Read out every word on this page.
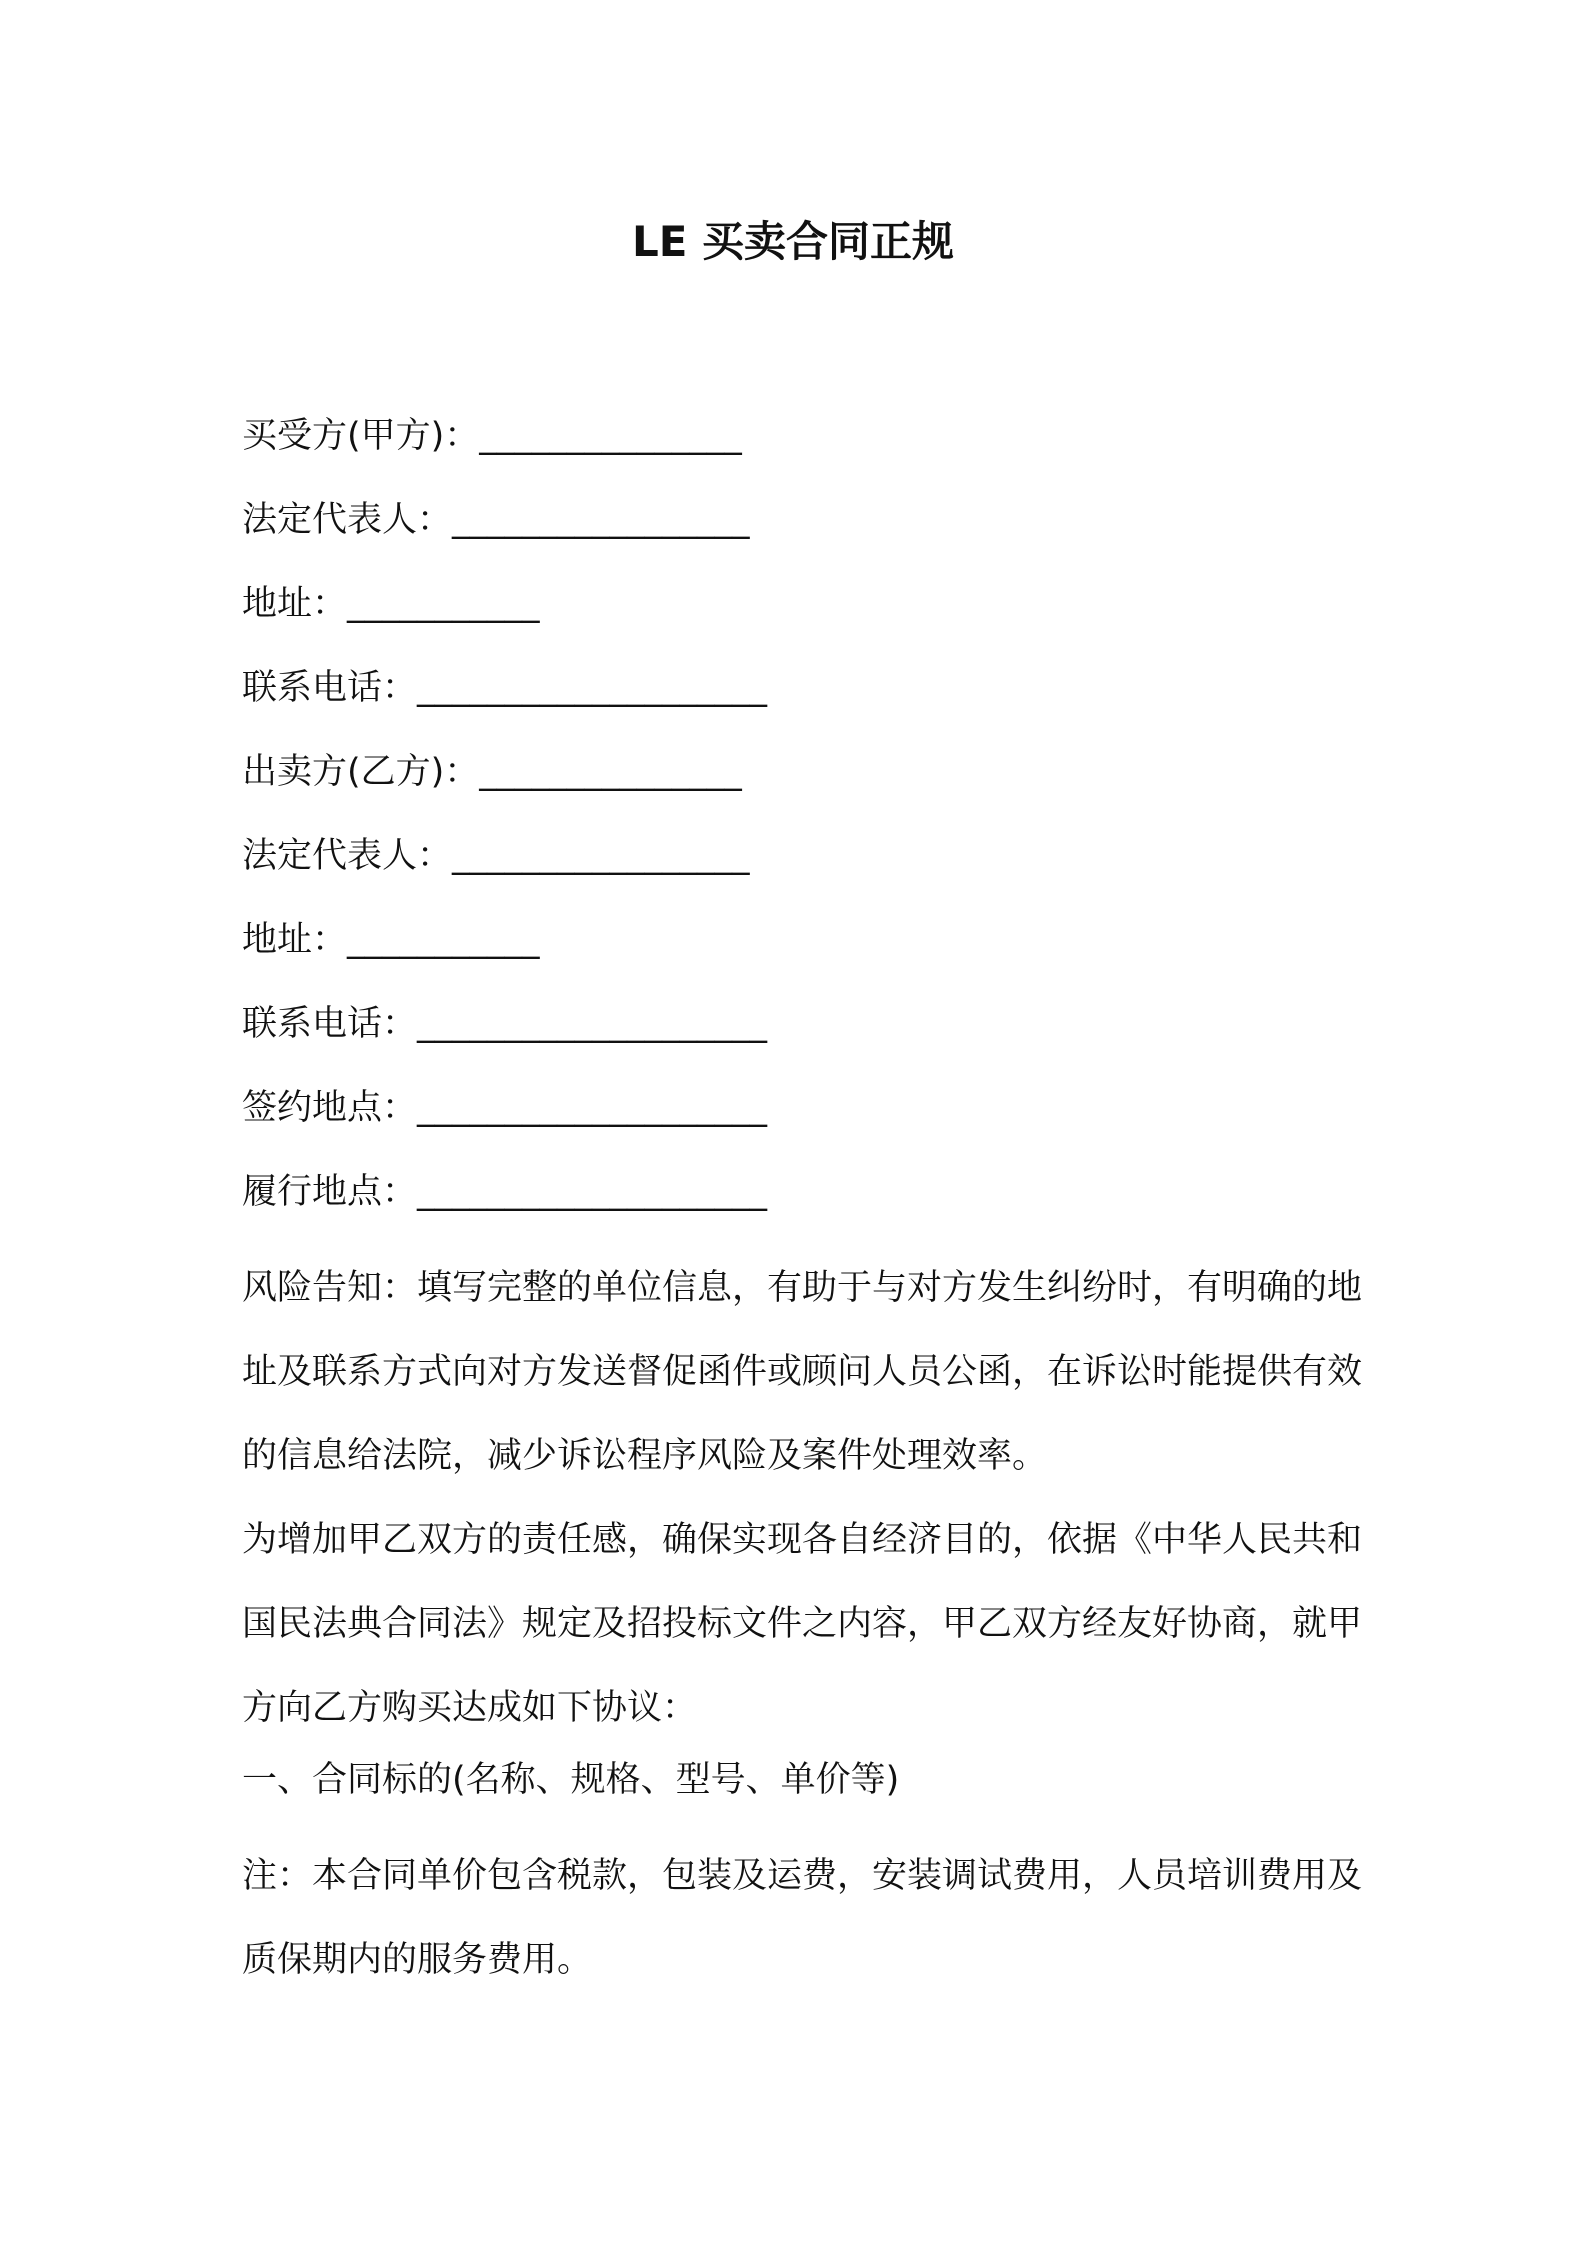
LE 买卖合同正规
买受方(甲方)：_______________
法定代表人：_________________
地址：___________
联系电话：____________________
出卖方(乙方)：_______________
法定代表人：_________________
地址：___________
联系电话：____________________
签约地点：____________________
履行地点：____________________

风险告知：填写完整的单位信息，有助于与对方发生纠纷时，有明确的地址及联系方式向对方发送督促函件或顾问人员公函，在诉讼时能提供有效的信息给法院，减少诉讼程序风险及案件处理效率。

为增加甲乙双方的责任感，确保实现各自经济目的，依据《中华人民共和国民法典合同法》规定及招投标文件之内容，甲乙双方经友好协商，就甲方向乙方购买达成如下协议：

一、合同标的(名称、规格、型号、单价等)

注：本合同单价包含税款，包装及运费，安装调试费用，人员培训费用及质保期内的服务费用。
